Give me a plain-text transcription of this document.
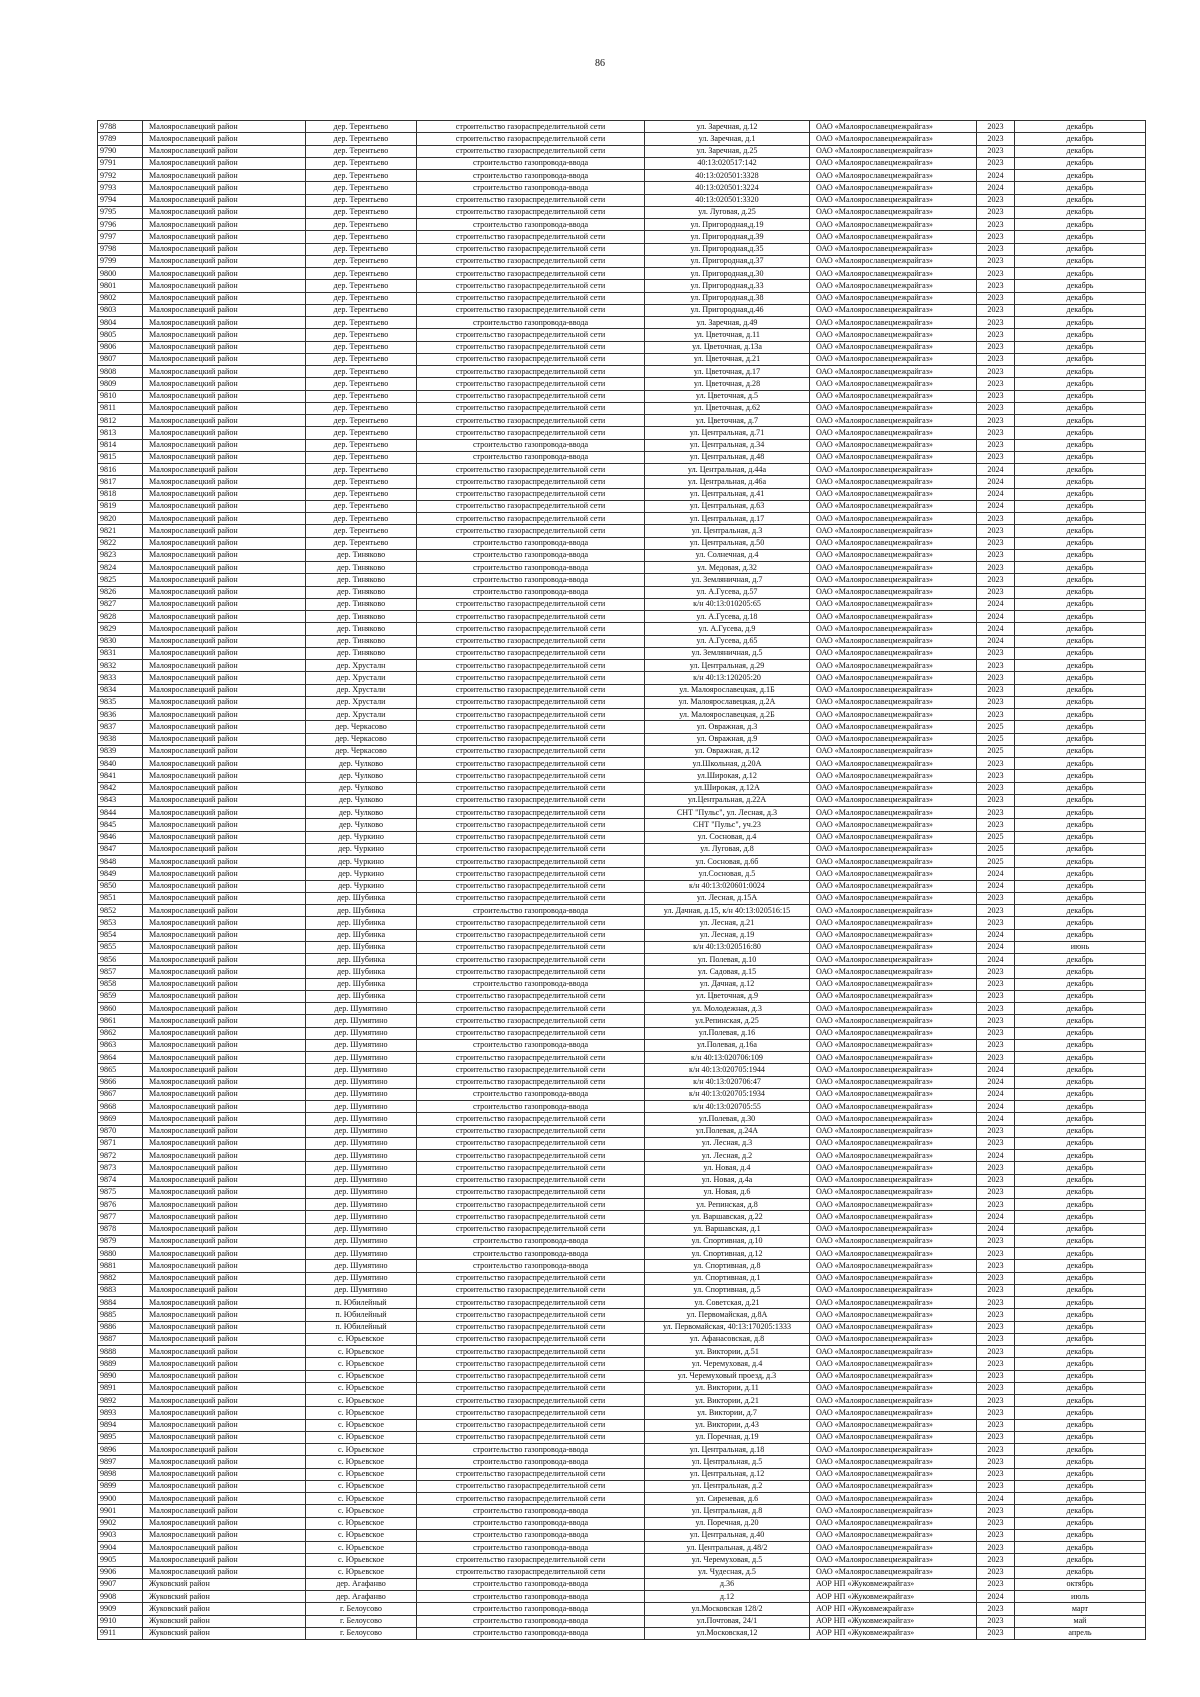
86
9788	Малоярославецкий район	дер. Терентьево	строительство газораспределительной сети	ул. Заречная, д.12	ОАО «Малоярославецмежрайгаз»	2023	декабрь
9789	Малоярославецкий район	дер. Терентьево	строительство газораспределительной сети	ул. Заречная, д.1	ОАО «Малоярославецмежрайгаз»	2023	декабрь
9790	Малоярославецкий район	дер. Терентьево	строительство газораспределительной сети	ул. Заречная, д.25	ОАО «Малоярославецмежрайгаз»	2023	декабрь
9791	Малоярославецкий район	дер. Терентьево	строительство газопровода-ввода	40:13:020517:142	ОАО «Малоярославецмежрайгаз»	2023	декабрь
9792	Малоярославецкий район	дер. Терентьево	строительство газопровода-ввода	40:13:020501:3328	ОАО «Малоярославецмежрайгаз»	2024	декабрь
9793	Малоярославецкий район	дер. Терентьево	строительство газопровода-ввода	40:13:020501:3224	ОАО «Малоярославецмежрайгаз»	2024	декабрь
9794	Малоярославецкий район	дер. Терентьево	строительство газораспределительной сети	40:13:020501:3320	ОАО «Малоярославецмежрайгаз»	2023	декабрь
9795	Малоярославецкий район	дер. Терентьево	строительство газораспределительной сети	ул. Луговая, д.25	ОАО «Малоярославецмежрайгаз»	2023	декабрь
9796	Малоярославецкий район	дер. Терентьево	строительство газопровода-ввода	ул. Пригородная,д.19	ОАО «Малоярославецмежрайгаз»	2023	декабрь
9797	Малоярославецкий район	дер. Терентьево	строительство газораспределительной сети	ул. Пригородная,д.39	ОАО «Малоярославецмежрайгаз»	2023	декабрь
9798	Малоярославецкий район	дер. Терентьево	строительство газораспределительной сети	ул. Пригородная,д.35	ОАО «Малоярославецмежрайгаз»	2023	декабрь
9799	Малоярославецкий район	дер. Терентьево	строительство газораспределительной сети	ул. Пригородная,д.37	ОАО «Малоярославецмежрайгаз»	2023	декабрь
9800	Малоярославецкий район	дер. Терентьево	строительство газораспределительной сети	ул. Пригородная,д.30	ОАО «Малоярославецмежрайгаз»	2023	декабрь
9801	Малоярославецкий район	дер. Терентьево	строительство газораспределительной сети	ул. Пригородная,д.33	ОАО «Малоярославецмежрайгаз»	2023	декабрь
9802	Малоярославецкий район	дер. Терентьево	строительство газораспределительной сети	ул. Пригородная,д.38	ОАО «Малоярославецмежрайгаз»	2023	декабрь
9803	Малоярославецкий район	дер. Терентьево	строительство газораспределительной сети	ул. Пригородная,д.46	ОАО «Малоярославецмежрайгаз»	2023	декабрь
9804	Малоярославецкий район	дер. Терентьево	строительство газопровода-ввода	ул. Заречная, д.49	ОАО «Малоярославецмежрайгаз»	2023	декабрь
9805	Малоярославецкий район	дер. Терентьево	строительство газораспределительной сети	ул. Цветочная, д.11	ОАО «Малоярославецмежрайгаз»	2023	декабрь
9806	Малоярославецкий район	дер. Терентьево	строительство газораспределительной сети	ул. Цветочная, д.13а	ОАО «Малоярославецмежрайгаз»	2023	декабрь
9807	Малоярославецкий район	дер. Терентьево	строительство газораспределительной сети	ул. Цветочная, д.21	ОАО «Малоярославецмежрайгаз»	2023	декабрь
9808	Малоярославецкий район	дер. Терентьево	строительство газораспределительной сети	ул. Цветочная, д.17	ОАО «Малоярославецмежрайгаз»	2023	декабрь
9809	Малоярославецкий район	дер. Терентьево	строительство газораспределительной сети	ул. Цветочная, д.28	ОАО «Малоярославецмежрайгаз»	2023	декабрь
9810	Малоярославецкий район	дер. Терентьево	строительство газораспределительной сети	ул. Цветочная, д.5	ОАО «Малоярославецмежрайгаз»	2023	декабрь
9811	Малоярославецкий район	дер. Терентьево	строительство газораспределительной сети	ул. Цветочная, д.62	ОАО «Малоярославецмежрайгаз»	2023	декабрь
9812	Малоярославецкий район	дер. Терентьево	строительство газораспределительной сети	ул. Цветочная, д.7	ОАО «Малоярославецмежрайгаз»	2023	декабрь
9813	Малоярославецкий район	дер. Терентьево	строительство газораспределительной сети	ул. Центральная, д.71	ОАО «Малоярославецмежрайгаз»	2023	декабрь
9814	Малоярославецкий район	дер. Терентьево	строительство газопровода-ввода	ул. Центральная, д.34	ОАО «Малоярославецмежрайгаз»	2023	декабрь
9815	Малоярославецкий район	дер. Терентьево	строительство газопровода-ввода	ул. Центральная, д.48	ОАО «Малоярославецмежрайгаз»	2023	декабрь
9816	Малоярославецкий район	дер. Терентьево	строительство газораспределительной сети	ул. Центральная, д.44а	ОАО «Малоярославецмежрайгаз»	2024	декабрь
9817	Малоярославецкий район	дер. Терентьево	строительство газораспределительной сети	ул. Центральная, д.46а	ОАО «Малоярославецмежрайгаз»	2024	декабрь
9818	Малоярославецкий район	дер. Терентьево	строительство газораспределительной сети	ул. Центральная, д.41	ОАО «Малоярославецмежрайгаз»	2024	декабрь
9819	Малоярославецкий район	дер. Терентьево	строительство газораспределительной сети	ул. Центральная, д.63	ОАО «Малоярославецмежрайгаз»	2024	декабрь
9820	Малоярославецкий район	дер. Терентьево	строительство газораспределительной сети	ул. Центральная, д.17	ОАО «Малоярославецмежрайгаз»	2023	декабрь
9821	Малоярославецкий район	дер. Терентьево	строительство газораспределительной сети	ул. Центральная, д.3	ОАО «Малоярославецмежрайгаз»	2023	декабрь
9822	Малоярославецкий район	дер. Терентьево	строительство газопровода-ввода	ул. Центральная, д.50	ОАО «Малоярославецмежрайгаз»	2023	декабрь
9823	Малоярославецкий район	дер. Тиняково	строительство газопровода-ввода	ул. Солнечная, д.4	ОАО «Малоярославецмежрайгаз»	2023	декабрь
9824	Малоярославецкий район	дер. Тиняково	строительство газопровода-ввода	ул. Медовая, д.32	ОАО «Малоярославецмежрайгаз»	2023	декабрь
9825	Малоярославецкий район	дер. Тиняково	строительство газопровода-ввода	ул. Земляничная, д.7	ОАО «Малоярославецмежрайгаз»	2023	декабрь
9826	Малоярославецкий район	дер. Тиняково	строительство газопровода-ввода	ул. А.Гусева, д.57	ОАО «Малоярославецмежрайгаз»	2023	декабрь
9827	Малоярославецкий район	дер. Тиняково	строительство газораспределительной сети	к/н 40:13:010205:65	ОАО «Малоярославецмежрайгаз»	2024	декабрь
9828	Малоярославецкий район	дер. Тиняково	строительство газораспределительной сети	ул. А.Гусева, д.18	ОАО «Малоярославецмежрайгаз»	2024	декабрь
9829	Малоярославецкий район	дер. Тиняково	строительство газораспределительной сети	ул. А.Гусева, д.9	ОАО «Малоярославецмежрайгаз»	2024	декабрь
9830	Малоярославецкий район	дер. Тиняково	строительство газораспределительной сети	ул. А.Гусева, д.65	ОАО «Малоярославецмежрайгаз»	2024	декабрь
9831	Малоярославецкий район	дер. Тиняково	строительство газораспределительной сети	ул. Земляничная, д.5	ОАО «Малоярославецмежрайгаз»	2023	декабрь
9832	Малоярославецкий район	дер. Хрусталн	строительство газораспределительной сети	ул. Центральная, д.29	ОАО «Малоярославецмежрайгаз»	2023	декабрь
9833	Малоярославецкий район	дер. Хрустали	строительство газораспределительной сети	к/н 40:13:120205:20	ОАО «Малоярославецмежрайгаз»	2023	декабрь
9834	Малоярославецкий район	дер. Хрустали	строительство газораспределительной сети	ул. Малоярославецкая, д.1Б	ОАО «Малоярославецмежрайгаз»	2023	декабрь
9835	Малоярославецкий район	дер. Хрустали	строительство газораспределительной сети	ул. Малоярославецкая, д.2А	ОАО «Малоярославецмежрайгаз»	2023	декабрь
9836	Малоярославецкий район	дер. Хрустали	строительство газораспределительной сети	ул. Малоярославецкая, д.2Б	ОАО «Малоярославецмежрайгаз»	2023	декабрь
9837	Малоярославецкий район	дер. Черкасово	строительство газораспределительной сети	ул. Овражная, д.3	ОАО «Малоярославецмежрайгаз»	2025	декабрь
9838	Малоярославецкий район	дер. Черкасово	строительство газораспределительной сети	ул. Овражная, д.9	ОАО «Малоярославецмежрайгаз»	2025	декабрь
9839	Малоярославецкий район	дер. Черкасово	строительство газораспределительной сети	ул. Овражная, д.12	ОАО «Малоярославецмежрайгаз»	2025	декабрь
9840	Малоярославецкий район	дер. Чулково	строительство газораспределительной сети	ул.Школьная, д.20А	ОАО «Малоярославецмежрайгаз»	2023	декабрь
9841	Малоярославецкий район	дер. Чулково	строительство газораспределительной сети	ул.Широкая, д.12	ОАО «Малоярославецмежрайгаз»	2023	декабрь
9842	Малоярославецкий район	дер. Чулково	строительство газораспределительной сети	ул.Широкая, д.12А	ОАО «Малоярославецмежрайгаз»	2023	декабрь
9843	Малоярославецкий район	дер. Чулково	строительство газораспределительной сети	ул.Центральная, д.22А	ОАО «Малоярославецмежрайгаз»	2023	декабрь
9844	Малоярославецкий район	дер. Чулково	строительство газораспределительной сети	СНТ "Пульс", ул. Лесная, д.3	ОАО «Малоярославецмежрайгаз»	2023	декабрь
9845	Малоярославецкий район	дер. Чулково	строительство газораспределительной сети	СНТ "Пульс", уч.23	ОАО «Малоярославецмежрайгаз»	2023	декабрь
9846	Малоярославецкий район	дер. Чуркино	строительство газораспределительной сети	ул. Сосновая, д.4	ОАО «Малоярославецмежрайгаз»	2025	декабрь
9847	Малоярославецкий район	дер. Чуркино	строительство газораспределительной сети	ул. Луговая, д.8	ОАО «Малоярославецмежрайгаз»	2025	декабрь
9848	Малоярославецкий район	дер. Чуркино	строительство газораспределительной сети	ул. Сосновая, д.6б	ОАО «Малоярославецмежрайгаз»	2025	декабрь
9849	Малоярославецкий район	дер. Чуркино	строительство газораспределительной сети	ул.Сосновая, д.5	ОАО «Малоярославецмежрайгаз»	2024	декабрь
9850	Малоярославецкий район	дер. Чуркино	строительство газораспределительной сети	к/н 40:13:020601:0024	ОАО «Малоярославецмежрайгаз»	2024	декабрь
9851	Малоярославецкий район	дер. Шубинка	строительство газораспределительной сети	ул. Лесная, д.15А	ОАО «Малоярославецмежрайгаз»	2023	декабрь
9852	Малоярославецкий район	дер. Шубинка	строительство газопровода-ввода	ул. Дачная, д.15, к/н 40:13:020516:15	ОАО «Малоярославецмежрайгаз»	2023	декабрь
9853	Малоярославецкий район	дер. Шубинка	строительство газораспределительной сети	ул. Лесная, д.21	ОАО «Малоярославецмежрайгаз»	2023	декабрь
9854	Малоярославецкий район	дер. Шубинка	строительство газораспределительной сети	ул. Лесная, д.19	ОАО «Малоярославецмежрайгаз»	2024	декабрь
9855	Малоярославецкий район	дер. Шубинка	строительство газораспределительной сети	к/н 40:13:020516:80	ОАО «Малоярославецмежрайгаз»	2024	июнь
9856	Малоярославецкий район	дер. Шубинка	строительство газораспределительной сети	ул. Полевая, д.10	ОАО «Малоярославецмежрайгаз»	2024	декабрь
9857	Малоярославецкий район	дер. Шубинка	строительство газораспределительной сети	ул. Садовая, д.15	ОАО «Малоярославецмежрайгаз»	2023	декабрь
9858	Малоярославецкий район	дер. Шубинка	строительство газопровода-ввода	ул. Дачная, д.12	ОАО «Малоярославецмежрайгаз»	2023	декабрь
9859	Малоярославецкий район	дер. Шубинка	строительство газораспределительной сети	ул. Цветочная, д.9	ОАО «Малоярославецмежрайгаз»	2023	декабрь
9860	Малоярославецкий район	дер. Шумятино	строительство газораспределительной сети	ул. Молодежная, д.3	ОАО «Малоярославецмежрайгаз»	2023	декабрь
9861	Малоярославецкий район	дер. Шумятино	строительство газораспределительной сети	ул.Репинская, д.25	ОАО «Малоярославецмежрайгаз»	2023	декабрь
9862	Малоярославецкий район	дер. Шумятино	строительство газораспределительной сети	ул.Полевая, д.16	ОАО «Малоярославецмежрайгаз»	2023	декабрь
9863	Малоярославецкий район	дер. Шумятино	строительство газопровода-ввода	ул.Полевая, д.16а	ОАО «Малоярославецмежрайгаз»	2023	декабрь
9864	Малоярославецкий район	дер. Шумятино	строительство газораспределительной сети	к/н 40:13:020706:109	ОАО «Малоярославецмежрайгаз»	2023	декабрь
9865	Малоярославецкий район	дер. Шумятино	строительство газораспределительной сети	к/н 40:13:020705:1944	ОАО «Малоярославецмежрайгаз»	2024	декабрь
9866	Малоярославецкий район	дер. Шумятино	строительство газораспределительной сети	к/н 40:13:020706:47	ОАО «Малоярославецмежрайгаз»	2024	декабрь
9867	Малоярославецкий район	дер. Шумятино	строительство газопровода-ввода	к/н 40:13:020705:1934	ОАО «Малоярославецмежрайгаз»	2024	декабрь
9868	Малоярославецкий район	дер. Шумятино	строительство газопровода-ввода	к/н 40:13:020705:55	ОАО «Малоярославецмежрайгаз»	2024	декабрь
9869	Малоярославецкий район	дер. Шумятино	строительство газораспределительной сети	ул.Полевая, д.30	ОАО «Малоярославецмежрайгаз»	2024	декабрь
9870	Малоярославецкий район	дер. Шумятино	строительство газораспределительной сети	ул.Полевая, д.24А	ОАО «Малоярославецмежрайгаз»	2023	декабрь
9871	Малоярославецкий район	дер. Шумятино	строительство газораспределительной сети	ул. Лесная, д.3	ОАО «Малоярославецмежрайгаз»	2023	декабрь
9872	Малоярославецкий район	дер. Шумятино	строительство газораспределительной сети	ул. Лесная, д.2	ОАО «Малоярославецмежрайгаз»	2024	декабрь
9873	Малоярославецкий район	дер. Шумятино	строительство газораспределительной сети	ул. Новая, д.4	ОАО «Малоярославецмежрайгаз»	2023	декабрь
9874	Малоярославецкий район	дер. Шумятино	строительство газораспределительной сети	ул. Новая, д.4а	ОАО «Малоярославецмежрайгаз»	2023	декабрь
9875	Малоярославецкий район	дер. Шумятино	строительство газораспределительной сети	ул. Новая, д.6	ОАО «Малоярославецмежрайгаз»	2023	декабрь
9876	Малоярославецкий район	дер. Шумятино	строительство газораспределительной сети	ул. Репинская, д.8	ОАО «Малоярославецмежрайгаз»	2023	декабрь
9877	Малоярославецкий район	дер. Шумятино	строительство газораспределительной сети	ул. Варшавская, д.22	ОАО «Малоярославецмежрайгаз»	2024	декабрь
9878	Малоярославецкий район	дер. Шумятино	строительство газораспределительной сети	ул. Варшавская, д.1	ОАО «Малоярославецмежрайгаз»	2024	декабрь
9879	Малоярославецкий район	дер. Шумятино	строительство газопровода-ввода	ул. Спортивная, д.10	ОАО «Малоярославецмежрайгаз»	2023	декабрь
9880	Малоярославецкий район	дер. Шумятино	строительство газопровода-ввода	ул. Спортивная, д.12	ОАО «Малоярославецмежрайгаз»	2023	декабрь
9881	Малоярославецкий район	дер. Шумятино	строительство газопровода-ввода	ул. Спортивная, д.8	ОАО «Малоярославецмежрайгаз»	2023	декабрь
9882	Малоярославецкий район	дер. Шумятино	строительство газораспределительной сети	ул. Спортивная, д.1	ОАО «Малоярославецмежрайгаз»	2023	декабрь
9883	Малоярославецкий район	дер. Шумятино	строительство газораспределительной сети	ул. Спортивная, д.5	ОАО «Малоярославецмежрайгаз»	2023	декабрь
9884	Малоярославецкий район	п. Юбилейный	строительство газораспределительной сети	ул. Советская, д.21	ОАО «Малоярославецмежрайгаз»	2023	декабрь
9885	Малоярославецкий район	п. Юбилейный	строительство газораспределительной сети	ул. Первомайская, д.8А	ОАО «Малоярославецмежрайгаз»	2023	декабрь
9886	Малоярославецкий район	п. Юбилейный	строительство газораспределительной сети	ул. Первомайская, 40:13:170205:1333	ОАО «Малоярославецмежрайгаз»	2023	декабрь
9887	Малоярославецкий район	с. Юрьевское	строительство газораспределительной сети	ул. Афанасовская, д.8	ОАО «Малоярославецмежрайгаз»	2023	декабрь
9888	Малоярославецкий район	с. Юрьевское	строительство газораспределительной сети	ул. Виктории, д.51	ОАО «Малоярославецмежрайгаз»	2023	декабрь
9889	Малоярославецкий район	с. Юрьевское	строительство газораспределительной сети	ул. Черемуховая, д.4	ОАО «Малоярославецмежрайгаз»	2023	декабрь
9890	Малоярославецкий район	с. Юрьевское	строительство газораспределительной сети	ул. Черемуховый проезд, д.3	ОАО «Малоярославецмежрайгаз»	2023	декабрь
9891	Малоярославецкий район	с. Юрьевское	строительство газораспределительной сети	ул. Виктории, д.11	ОАО «Малоярославецмежрайгаз»	2023	декабрь
9892	Малоярославецкий район	с. Юрьевское	строительство газораспределительной сети	ул. Виктории, д.21	ОАО «Малоярославецмежрайгаз»	2023	декабрь
9893	Малоярославецкий район	с. Юрьевское	строительство газораспределительной сети	ул. Виктории, д.7	ОАО «Малоярославецмежрайгаз»	2023	декабрь
9894	Малоярославецкий район	с. Юрьевское	строительство газораспределительной сети	ул. Виктории, д.43	ОАО «Малоярославецмежрайгаз»	2023	декабрь
9895	Малоярославецкий район	с. Юрьевское	строительство газораспределительной сети	ул. Поречная, д.19	ОАО «Малоярославецмежрайгаз»	2023	декабрь
9896	Малоярославецкий район	с. Юрьевское	строительство газопровода-ввода	ул. Центральная, д.18	ОАО «Малоярославецмежрайгаз»	2023	декабрь
9897	Малоярославецкий район	с. Юрьевское	строительство газопровода-ввода	ул. Центральная, д.5	ОАО «Малоярославецмежрайгаз»	2023	декабрь
9898	Малоярославецкий район	с. Юрьевское	строительство газораспределительной сети	ул. Центральная, д.12	ОАО «Малоярославецмежрайгаз»	2023	декабрь
9899	Малоярославецкий район	с. Юрьевское	строительство газораспределительной сети	ул. Центральная, д.2	ОАО «Малоярославецмежрайгаз»	2023	декабрь
9900	Малоярославецкий район	с. Юрьевское	строительство газораспределительной сети	ул. Сиреневая, д.6	ОАО «Малоярославецмежрайгаз»	2024	декабрь
9901	Малоярославецкий район	с. Юрьевское	строительство газопровода-ввода	ул. Центральная, д.8	ОАО «Малоярославецмежрайгаз»	2023	декабрь
9902	Малоярославецкий район	с. Юрьевское	строительство газопровода-ввода	ул. Поречная, д.20	ОАО «Малоярославецмежрайгаз»	2023	декабрь
9903	Малоярославецкий район	с. Юрьевское	строительство газопровода-ввода	ул. Центральная, д.40	ОАО «Малоярославецмежрайгаз»	2023	декабрь
9904	Малоярославецкий район	с. Юрьевское	строительство газопровода-ввода	ул. Центральная, д.48/2	ОАО «Малоярославецмежрайгаз»	2023	декабрь
9905	Малоярославецкий район	с. Юрьевское	строительство газораспределительной сети	ул. Черемуховая, д.5	ОАО «Малоярославецмежрайгаз»	2023	декабрь
9906	Малоярославецкий район	с. Юрьевское	строительство газораспределительной сети	ул. Чудесная, д.5	ОАО «Малоярославецмежрайгаз»	2023	декабрь
9907	Жуковский район	дер. Агафанво	строительство газопровода-ввода	д.36	АОР НП «Жуковмежрайгаз»	2023	октябрь
9908	Жуковский район	дер. Агафанво	строительство газопровода-ввода	д.12	АОР НП «Жуковмежрайгаз»	2024	июль
9909	Жуковский район	г. Белоусово	строительство газопровода-ввода	ул.Московская 128/2	АОР НП «Жуковмежрайгаз»	2023	март
9910	Жуковский район	г. Белоусово	строительство газопровода-ввода	ул.Почтовая, 24/1	АОР НП «Жуковмежрайгаз»	2023	май
9911	Жуковский район	г. Белоусово	строительство газопровода-ввода	ул.Московская,12	АОР НП «Жуковмежрайгаз»	2023	апрель
